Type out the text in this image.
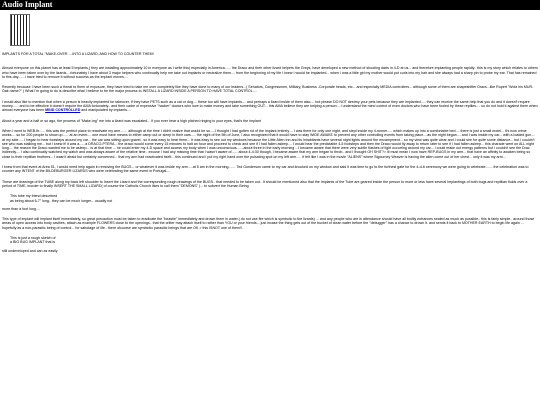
Audio Implant

IMPLANTS FOR A TOTAL "MAKE-OVER ....INTO A LIZARD, AND HOW TO COUNTER THEM!

Almost everyone on this planet has at least 5 implants,( they are installing approximately 10 in everyone as I write this) especially in America...... the Draco and their other lizard helpers the Greys, have developed a new method of shooting darts in 4-D at us... and therefore implanting people rapidly.. this is my story which relates to others who have been taken over by the lizards....fortunately I have about 3 major helpers who continually help me take out implants or neutralize them.... from the beginning of my life I knew I would be implanted... when I was a little girl my mother would put curls into my hair and she always had a sharp pin to probe my ear. That has remained to this day.......i have tried to remove it without success,as the implant moves....

Recently because I have been such a threat to them of exposure, they have tried to take me over completely like they have done to many of our leaders...( Senators, Congressmen, Military, Business -Corporate heads, etc... and especially MEDIA controllers... although some of them are shapeshifter Dracs...like Rupert "Wotz his MUR-Oak name?" ) What I'm going to do is describe what I believe to be the major process to INSTALL A LIZARD INSIDE A PERSON TO HAVE TOTAL CONTROL....

I would also like to mention that when a person is heavily implanted for takeover, if they have PETS such as a cat or dog.... these too will have implants.... and perhaps a lizard inside of them also.... but please DO NOT destroy your pets because they are implanted..... they can receive the same help that you do and it doesn't require money...... and to be effective it doesn't require the AMA fortunately.. and their cadre of expensive "hacker" doctors who love to make money and take something OUT... this AMA believe they are helping a person... I understand the mind control of even doctors who have been fooled by these reptiles.... so do not hold it against them when almost everyone has been MIND CONTROLLED and manipulated by implants....

About a year and a half or so ago, the process of "Make-ing" me into a lizard was escalated... If you ever hear a high pitched ringing in your eyes, that's the implant

When I went to WEB.Ifr...... this was the perfect place to reactivate my arm....... although at the time I didn't realize that would be so.....I thought I had gotten rid of the implant entirely.... I was there for only one night, and slept inside my 4-runner..... which makes up into a comfortable bed.... there is just a small motel... it's how crime works.... so for 200 people to show up...... at an event.... one must have means to either camp out or sleep in their cars..... the night of the 5th of June, I also recognized that it would have to stay WIDE AWAKE to prevent any other controlling events from taking place....as the night began.... and I was inside my car... with a loaded gun.... at my side..... I began to hear footsteps around my car... the car was sitting upon gravel.. so it was easy to hear them... It was easy to see out my windows because the Little Alien Inn and its inhabitants have several night lights around the encampment... so my view was quite clear and I could see for quite some distance... but I couldn't see who was stalking me... but I knew it! it was a......a DRACO-PTERA... the draco would come every 15 minutes to halt an hour and proceed to check and see if I had fallen asleep.... I would hear the predictable 4-5 footsteps and then the Draco would fly away to return later to see if I had fallen asleep... this charade went on ALL night long.... the reason the Draco wanted me to be asleep... is at that time ... he could enter my 4-D space and access my body when I was unconscious.......about three in the early morning ...I became aware that there were very subtle flashes of light occurring around my car... I could make out energy patterns but I couldn't see the Drac indirectly.... I also continually watched my watch and was always aware of the relative time.. excuse I had any missing time that I wasn't aware of...... about 4-4:30 though, I became aware that my arm began to throb.. and I thought OH SHIT?> ill must mean I now have REP-BUGS in my arm... that have an affinity to awaken being so close to their reptilian brothers... I wasn't afraid but certainly concerned... that my arm had reactivated itself... this continued and I put my right hand over the pulsating spot on my left arm..... It felt like I was in the movie "ALIENS" where Sigourney Weaver is having the alien come out of her chest... only it was my arm...

I knew from that event at Area 51, I would need help again in removing the BUGS... or whatever it was inside my arm.....at 5 am in the morning....... Ted Gunderson came to my car and knocked on my window and said it was time to go to the furthest gate for the 4-d-6 ceremony we were going to celebrate....... the celebration was to counter any INTENT of the BILDEBURGER LIZARDS who were celebrating the same event in Portugal....

These are drawings of the TUBE along my back left shoulder to Insert the Lizard and the corresponding rough drawings of the BUGS.. that needed to be taken out.. It should be mentioned also that the Implants of the Tube are geared inside the person to more or less have several Implantings of both bugs and reptilian fluids over a period of TIME, inorder to finally INSERT THE SMALL LIZARD( of course the Catholic Church likes to call them "DEMONS" )... to subvert the Human Being

This tube my friend described
as being about 6-7" long.. they can be much longer... usually not

more than a foot long....

This type of implant will implant itself immediately, so great precaution must be taken to eradicate the "beastie" immediately and drown them in water.( do not use fire which is symbolic to the lizards) ... and any people who are in attendance should have all bodily entrances sealed as much as possible.. this is fairly simple.. around those areas of open access into body cavities, attach as example FLOWERS close to the openings.. that the critter may attach itself to rather than YOU or your friends... just incase the thing gets out of the bucket of clean water before the "debugger" has a chance to drown it. and sends it back to MOTHER EARTH to begin life again ... hopefully as a non-parasitic being of control... for sabotage of life.. there ofcourse are symbiotic parasitic beings that are OK > this ISNOT one of them!!.

This is just a rough sketch of
a BIO BUG IMPLANT that is

still undeveloped and can as easily
